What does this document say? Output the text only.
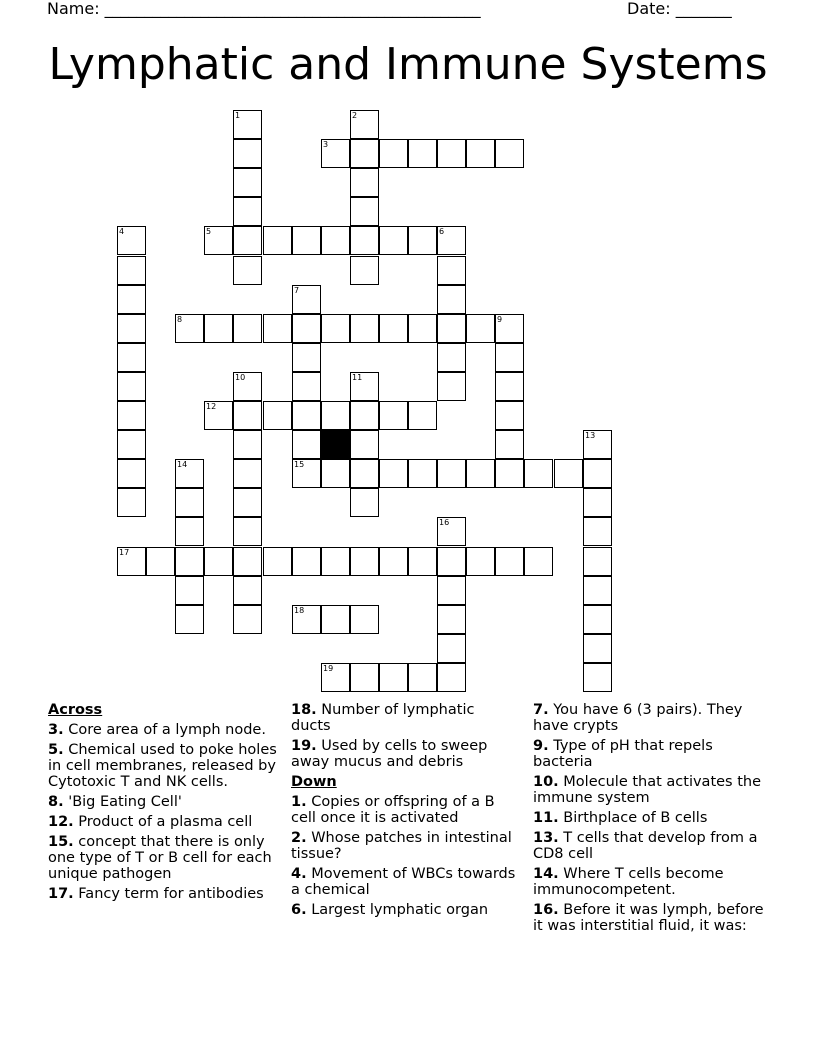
Name: _______________________________________________	Date: _______
Lymphatic and Immune Systems
1	2
3
4	5	6
7
15
8	9
10	11
12
13
14
16
17
18
19
Across
3. Core area of a lymph node.
5. Chemical used to poke holes in cell membranes, released by Cytotoxic T and NK cells.
8. 'Big Eating Cell'
12. Product of a plasma cell
15. concept that there is only one type of T or B cell for each unique pathogen
17. Fancy term for antibodies
18. Number of lymphatic ducts
19. Used by cells to sweep away mucus and debris
Down
1. Copies or offspring of a B cell once it is activated
2. Whose patches in intestinal tissue?
4. Movement of WBCs towards a chemical
6. Largest lymphatic organ
7. You have 6 (3 pairs). They have crypts
9. Type of pH that repels bacteria
10. Molecule that activates the immune system
11. Birthplace of B cells
13. T cells that develop from a CD8 cell
14. Where T cells become immunocompetent.
16. Before it was lymph, before it was interstitial fluid, it was:
